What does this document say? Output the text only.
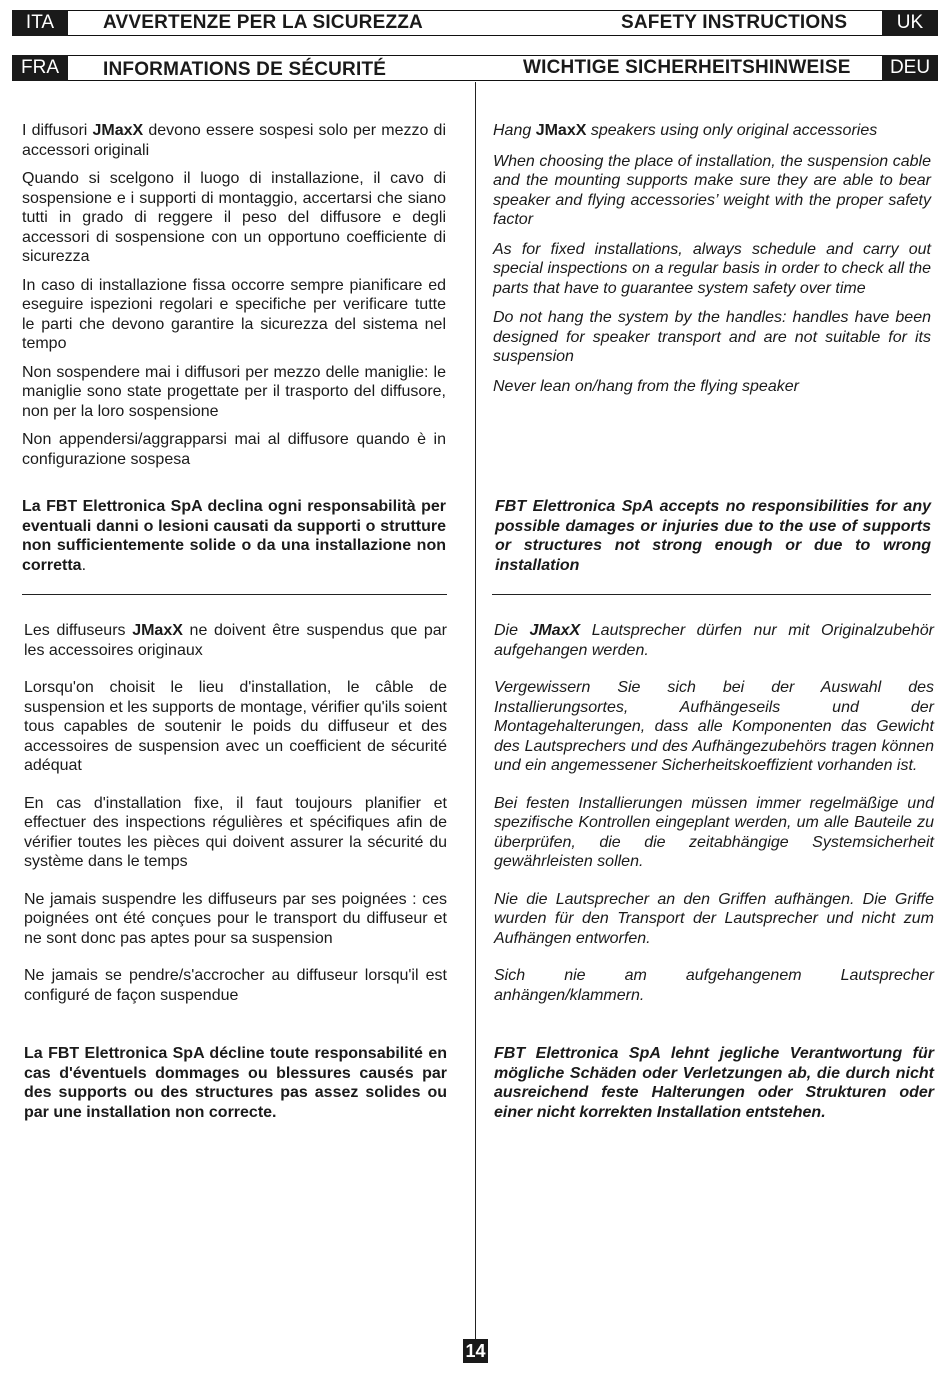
ITA	AVVERTENZE PER LA SICUREZZA	SAFETY INSTRUCTIONS	UK
FRA	INFORMATIONS DE SÉCURITÉ	WICHTIGE SICHERHEITSHINWEISE	DEU

I diffusori JMaxX devono essere sospesi solo per mezzo di accessori originali

Quando si scelgono il luogo di installazione, il cavo di sospensione e i supporti di montaggio, accertarsi che siano tutti in grado di reggere il peso del diffusore e degli accessori di sospensione con un opportuno coefficiente di sicurezza

In caso di installazione fissa occorre sempre pianificare ed eseguire ispezioni regolari e specifiche per verificare tutte le parti che devono garantire la sicurezza del sistema nel tempo

Non sospendere mai i diffusori per mezzo delle maniglie: le maniglie sono state progettate per il trasporto del diffusore, non per la loro sospensione

Non appendersi/aggrapparsi mai al diffusore quando è in configurazione sospesa

La FBT Elettronica SpA declina ogni responsabilità per eventuali danni o lesioni causati da supporti o strutture non sufficientemente solide o da una installazione non corretta.

Hang JMaxX speakers using only original accessories

When choosing the place of installation, the suspension cable and the mounting supports make sure they are able to bear speaker and flying accessories’ weight with the proper safety factor

As for fixed installations, always schedule and carry out special inspections on a regular basis in order to check all the parts that have to guarantee system safety over time

Do not hang the system by the handles: handles have been designed for speaker transport and are not suitable for its suspension

Never lean on/hang from the flying speaker

FBT Elettronica SpA accepts no responsibilities for any possible damages or injuries due to the use of supports or structures not strong enough or due to wrong installation

Les diffuseurs JMaxX ne doivent être suspendus que par les accessoires originaux

Lorsqu'on choisit le lieu d'installation, le câble de suspension et les supports de montage, vérifier qu'ils soient tous capables de soutenir le poids du diffuseur et des accessoires de suspension avec un coefficient de sécurité adéquat

En cas d'installation fixe, il faut toujours planifier et effectuer des inspections régulières et spécifiques afin de vérifier toutes les pièces qui doivent assurer la sécurité du système dans le temps

Ne jamais suspendre les diffuseurs par ses poignées : ces poignées ont été conçues pour le transport du diffuseur et ne sont donc pas aptes pour sa suspension

Ne jamais se pendre/s'accrocher au diffuseur lorsqu'il est configuré de façon suspendue

La FBT Elettronica SpA décline toute responsabilité en cas d'éventuels dommages ou blessures causés par des supports ou des structures pas assez solides ou par une installation non correcte.

Die JMaxX Lautsprecher dürfen nur mit Originalzubehör aufgehangen werden.

Vergewissern Sie sich bei der Auswahl des Installierungsortes, Aufhängeseils und der Montagehalterungen, dass alle Komponenten das Gewicht des Lautsprechers und des Aufhängezubehörs tragen können und ein angemessener Sicherheitskoeffizient vorhanden ist.

Bei festen Installierungen müssen immer regelmäßige und spezifische Kontrollen eingeplant werden, um alle Bauteile zu überprüfen, die die zeitabhängige Systemsicherheit gewährleisten sollen.

Nie die Lautsprecher an den Griffen aufhängen. Die Griffe wurden für den Transport der Lautsprecher und nicht zum Aufhängen entworfen.

Sich nie am aufgehangenem Lautsprecher anhängen/klammern.

FBT Elettronica SpA lehnt jegliche Verantwortung für mögliche Schäden oder Verletzungen ab, die durch nicht ausreichend feste Halterungen oder Strukturen oder einer nicht korrekten Installation entstehen.

14
